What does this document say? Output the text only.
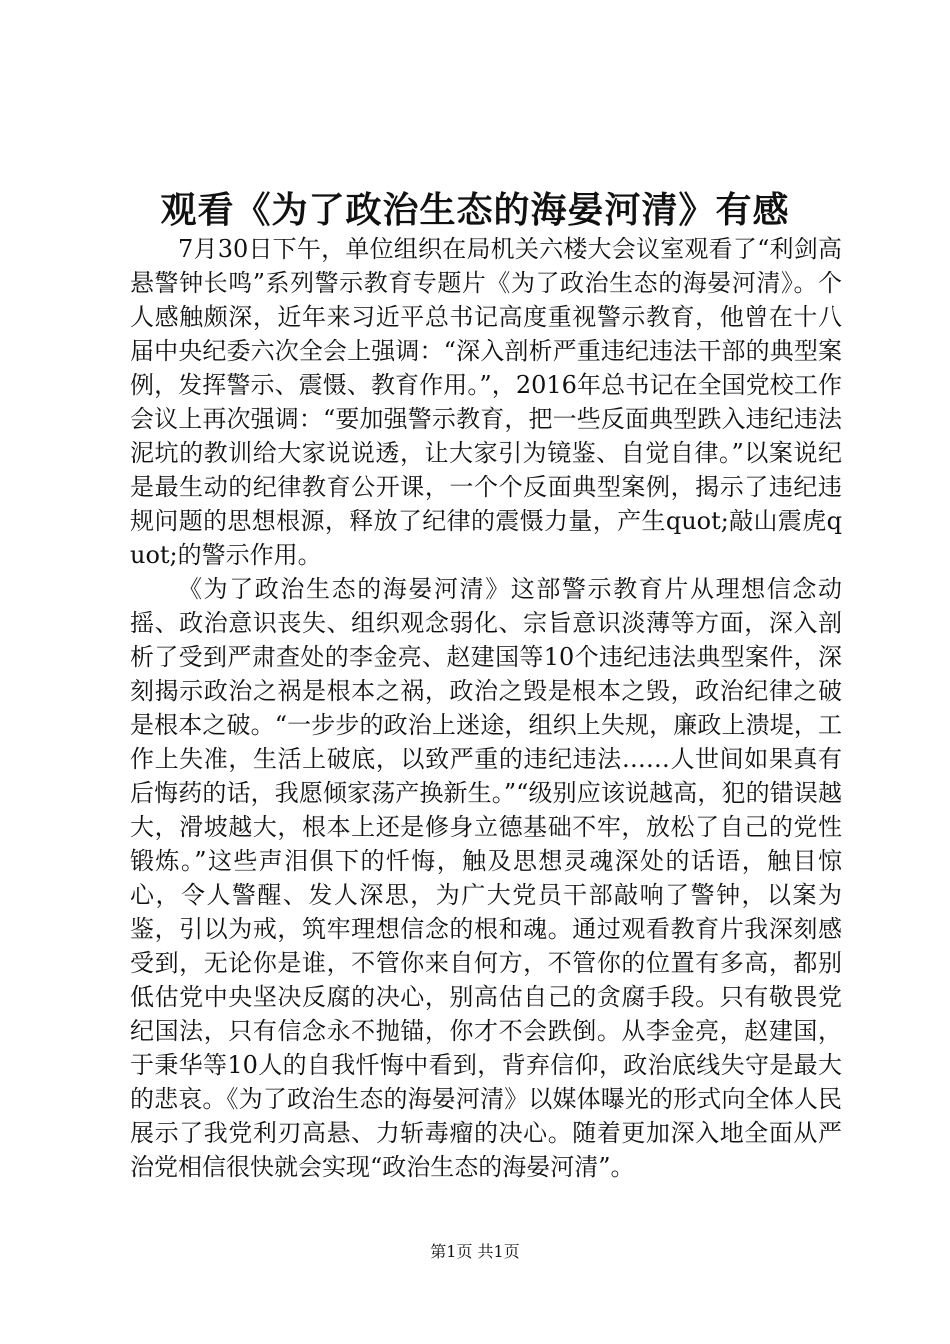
观看《为了政治生态的海晏河清》有感

7月30日下午，单位组织在局机关六楼大会议室观看了“利剑高悬警钟长鸣”系列警示教育专题片《为了政治生态的海晏河清》。个人感触颇深，近年来习近平总书记高度重视警示教育，他曾在十八届中央纪委六次全会上强调：“深入剖析严重违纪违法干部的典型案例，发挥警示、震慑、教育作用。”，2016年总书记在全国党校工作会议上再次强调：“要加强警示教育，把一些反面典型跌入违纪违法泥坑的教训给大家说说透，让大家引为镜鉴、自觉自律。”以案说纪是最生动的纪律教育公开课，一个个反面典型案例，揭示了违纪违规问题的思想根源，释放了纪律的震慑力量，产生quot;敲山震虎quot;的警示作用。

《为了政治生态的海晏河清》这部警示教育片从理想信念动摇、政治意识丧失、组织观念弱化、宗旨意识淡薄等方面，深入剖析了受到严肃查处的李金亮、赵建国等10个违纪违法典型案件，深刻揭示政治之祸是根本之祸，政治之毁是根本之毁，政治纪律之破是根本之破。“一步步的政治上迷途，组织上失规，廉政上溃堤，工作上失准，生活上破底，以致严重的违纪违法……人世间如果真有后悔药的话，我愿倾家荡产换新生。”“级别应该说越高，犯的错误越大，滑坡越大，根本上还是修身立德基础不牢，放松了自己的党性锻炼。”这些声泪俱下的忏悔，触及思想灵魂深处的话语，触目惊心，令人警醒、发人深思，为广大党员干部敲响了警钟，以案为鉴，引以为戒，筑牢理想信念的根和魂。通过观看教育片我深刻感受到，无论你是谁，不管你来自何方，不管你的位置有多高，都别低估党中央坚决反腐的决心，别高估自己的贪腐手段。只有敬畏党纪国法，只有信念永不抛锚，你才不会跌倒。从李金亮，赵建国，于秉华等10人的自我忏悔中看到，背弃信仰，政治底线失守是最大的悲哀。《为了政治生态的海晏河清》以媒体曝光的形式向全体人民展示了我党利刃高悬、力斩毒瘤的决心。随着更加深入地全面从严治党相信很快就会实现“政治生态的海晏河清”。

第1页 共1页
